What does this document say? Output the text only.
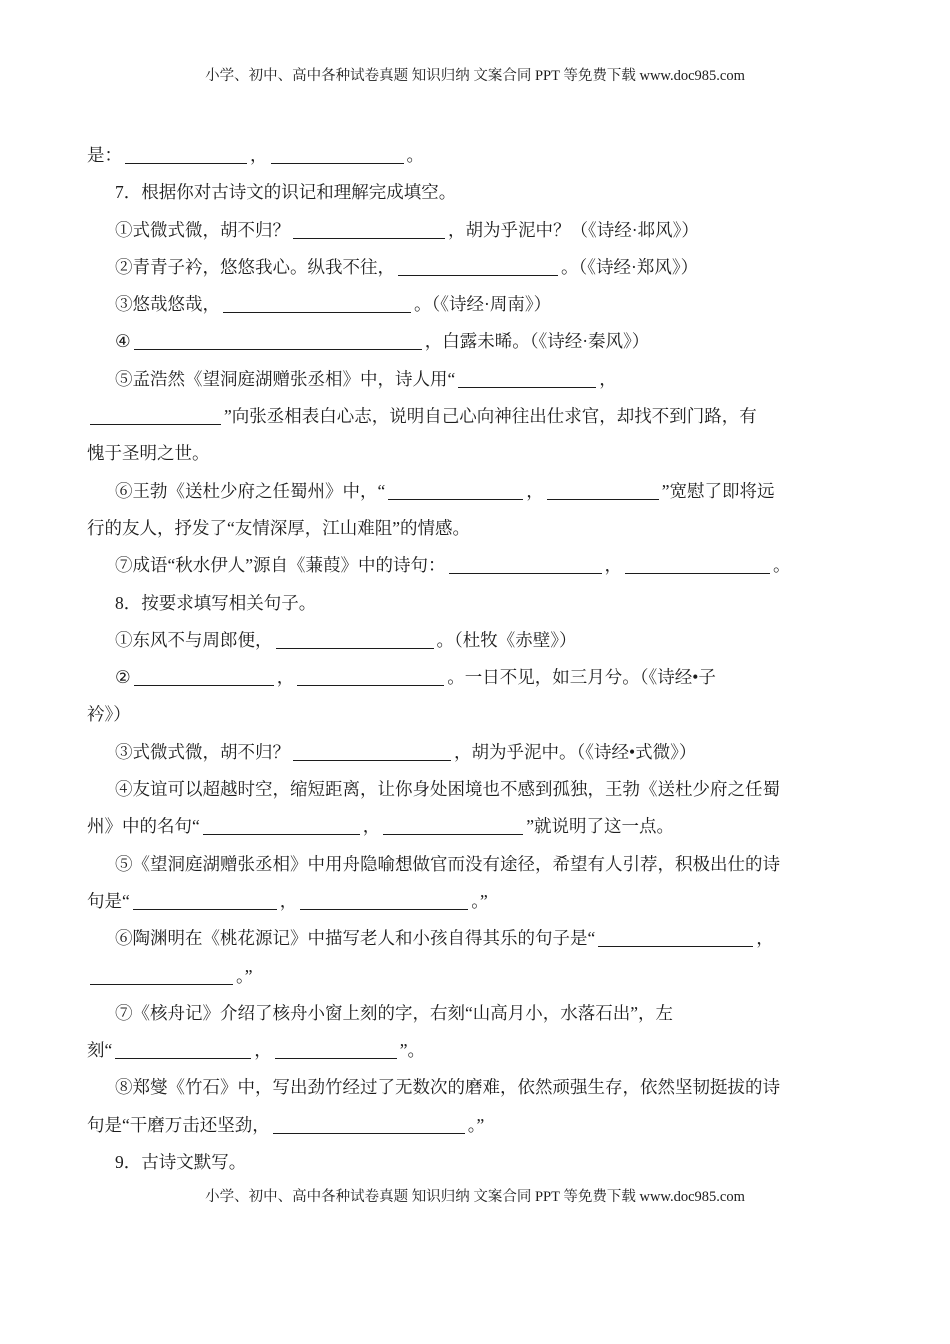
小学、初中、高中各种试卷真题 知识归纳 文案合同 PPT 等免费下载 www.doc985.com

是：	，	。

7．根据你对古诗文的识记和理解完成填空。

①式微式微，胡不归？	，胡为乎泥中？（《诗经·邶风》）

②青青子衿，悠悠我心。纵我不往，	。（《诗经·郑风》）

③悠哉悠哉，	。（《诗经·周南》）

④	，白露未晞。（《诗经·秦风》）

⑤孟浩然《望洞庭湖赠张丞相》中，诗人用“	，

”向张丞相表白心志，说明自己心向神往出仕求官，却找不到门路，有

愧于圣明之世。

⑥王勃《送杜少府之任蜀州》中，“	，	”宽慰了即将远

行的友人，抒发了“友情深厚，江山难阻”的情感。

⑦成语“秋水伊人”源自《蒹葭》中的诗句：	，	。

8．按要求填写相关句子。

①东风不与周郎便，	。（杜牧《赤壁》）

②	，	。一日不见，如三月兮。（《诗经•子

衿》）

③式微式微，胡不归？	，胡为乎泥中。（《诗经•式微》）

④友谊可以超越时空，缩短距离，让你身处困境也不感到孤独，王勃《送杜少府之任蜀

州》中的名句“	，	”就说明了这一点。

⑤《望洞庭湖赠张丞相》中用舟隐喻想做官而没有途径，希望有人引荐，积极出仕的诗

句是“	，	。”

⑥陶渊明在《桃花源记》中描写老人和小孩自得其乐的句子是“	，

。”

⑦《核舟记》介绍了核舟小窗上刻的字，右刻“山高月小，水落石出”，左

刻“	，	”。

⑧郑燮《竹石》中，写出劲竹经过了无数次的磨难，依然顽强生存，依然坚韧挺拔的诗

句是“干磨万击还坚劲，	。”

9．古诗文默写。

小学、初中、高中各种试卷真题 知识归纳 文案合同 PPT 等免费下载 www.doc985.com
